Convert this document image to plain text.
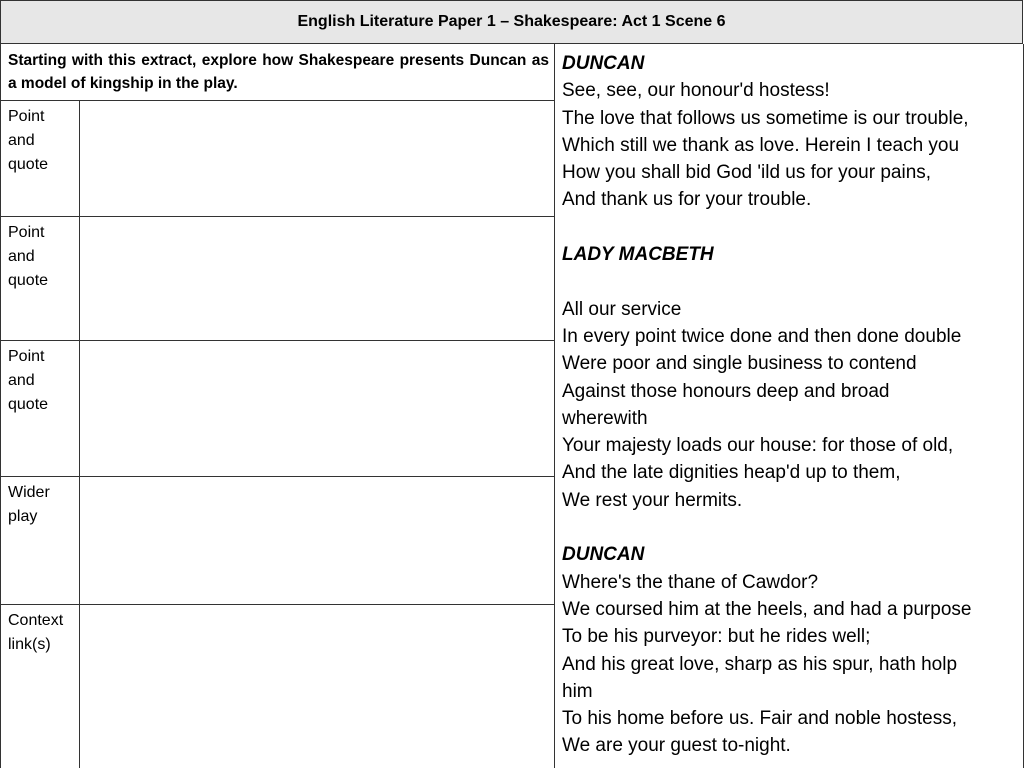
English Literature Paper 1 – Shakespeare: Act 1 Scene 6
Starting with this extract, explore how Shakespeare presents Duncan as a model of kingship in the play.
Point
and
quote
Point
and
quote
Point
and
quote
Wider
play
Context
link(s)
DUNCAN
See, see, our honour'd hostess!
The love that follows us sometime is our trouble,
Which still we thank as love. Herein I teach you
How you shall bid God 'ild us for your pains,
And thank us for your trouble.
LADY MACBETH
All our service
In every point twice done and then done double
Were poor and single business to contend
Against those honours deep and broad
wherewith
Your majesty loads our house: for those of old,
And the late dignities heap'd up to them,
We rest your hermits.
DUNCAN
Where's the thane of Cawdor?
We coursed him at the heels, and had a purpose
To be his purveyor: but he rides well;
And his great love, sharp as his spur, hath holp
him
To his home before us. Fair and noble hostess,
We are your guest to-night.
